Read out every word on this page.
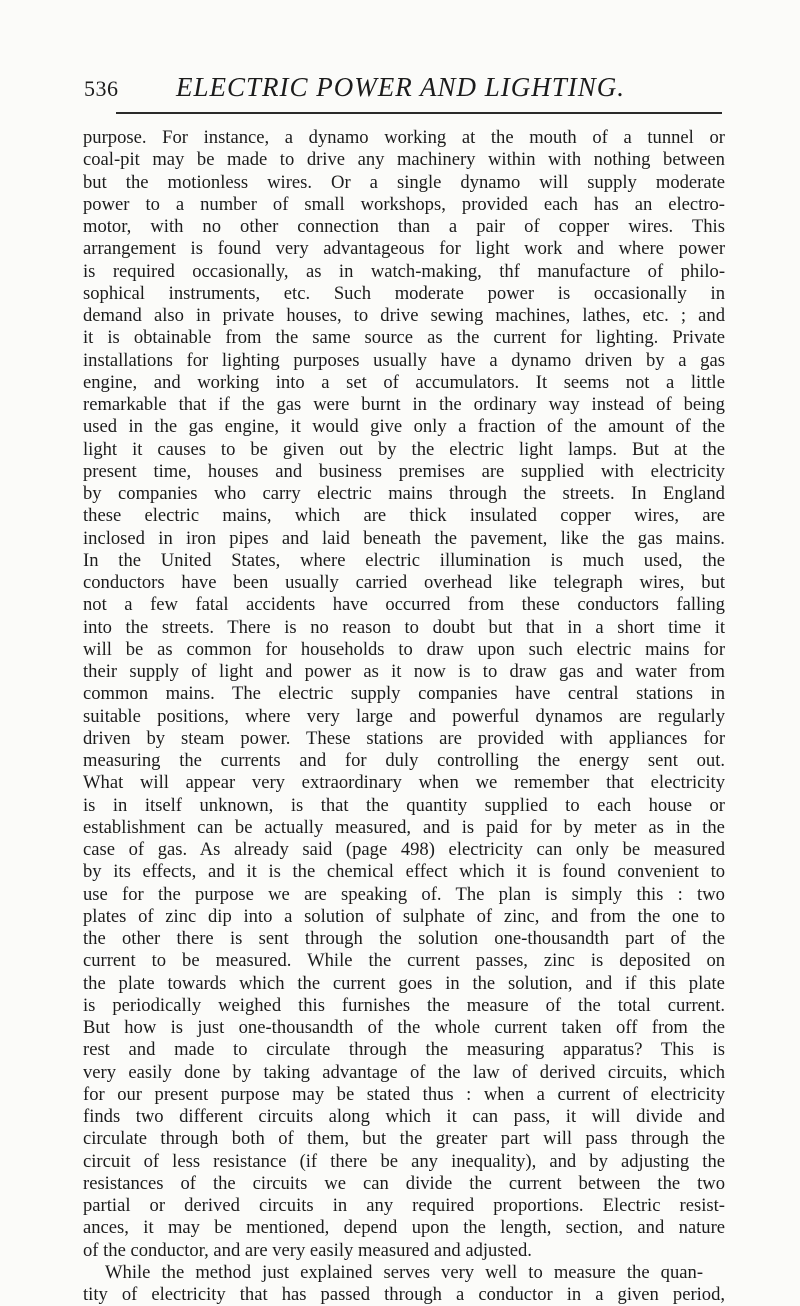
536 ELECTRIC POWER AND LIGHTING.
purpose. For instance, a dynamo working at the mouth of a tunnel or
coal-pit may be made to drive any machinery within with nothing between
but the motionless wires. Or a single dynamo will supply moderate
power to a number of small workshops, provided each has an electro-
motor, with no other connection than a pair of copper wires. This
arrangement is found very advantageous for light work and where power
is required occasionally, as in watch-making, thf manufacture of philo-
sophical instruments, etc. Such moderate power is occasionally in
demand also in private houses, to drive sewing machines, lathes, etc. ; and
it is obtainable from the same source as the current for lighting. Private
installations for lighting purposes usually have a dynamo driven by a gas
engine, and working into a set of accumulators. It seems not a little
remarkable that if the gas were burnt in the ordinary way instead of being
used in the gas engine, it would give only a fraction of the amount of the
light it causes to be given out by the electric light lamps. But at the
present time, houses and business premises are supplied with electricity
by companies who carry electric mains through the streets. In England
these electric mains, which are thick insulated copper wires, are
inclosed in iron pipes and laid beneath the pavement, like the gas mains.
In the United States, where electric illumination is much used, the
conductors have been usually carried overhead like telegraph wires, but
not a few fatal accidents have occurred from these conductors falling
into the streets. There is no reason to doubt but that in a short time it
will be as common for households to draw upon such electric mains for
their supply of light and power as it now is to draw gas and water from
common mains. The electric supply companies have central stations in
suitable positions, where very large and powerful dynamos are regularly
driven by steam power. These stations are provided with appliances for
measuring the currents and for duly controlling the energy sent out.
What will appear very extraordinary when we remember that electricity
is in itself unknown, is that the quantity supplied to each house or
establishment can be actually measured, and is paid for by meter as in the
case of gas. As already said (page 498) electricity can only be measured
by its effects, and it is the chemical effect which it is found convenient to
use for the purpose we are speaking of. The plan is simply this : two
plates of zinc dip into a solution of sulphate of zinc, and from the one to
the other there is sent through the solution one-thousandth part of the
current to be measured. While the current passes, zinc is deposited on
the plate towards which the current goes in the solution, and if this plate
is periodically weighed this furnishes the measure of the total current.
But how is just one-thousandth of the whole current taken off from the
rest and made to circulate through the measuring apparatus? This is
very easily done by taking advantage of the law of derived circuits, which
for our present purpose may be stated thus : when a current of electricity
finds two different circuits along which it can pass, it will divide and
circulate through both of them, but the greater part will pass through the
circuit of less resistance (if there be any inequality), and by adjusting the
resistances of the circuits we can divide the current between the two
partial or derived circuits in any required proportions. Electric resist-
ances, it may be mentioned, depend upon the length, section, and nature
of the conductor, and are very easily measured and adjusted.
While the method just explained serves very well to measure the quan-
tity of electricity that has passed through a conductor in a given period,
